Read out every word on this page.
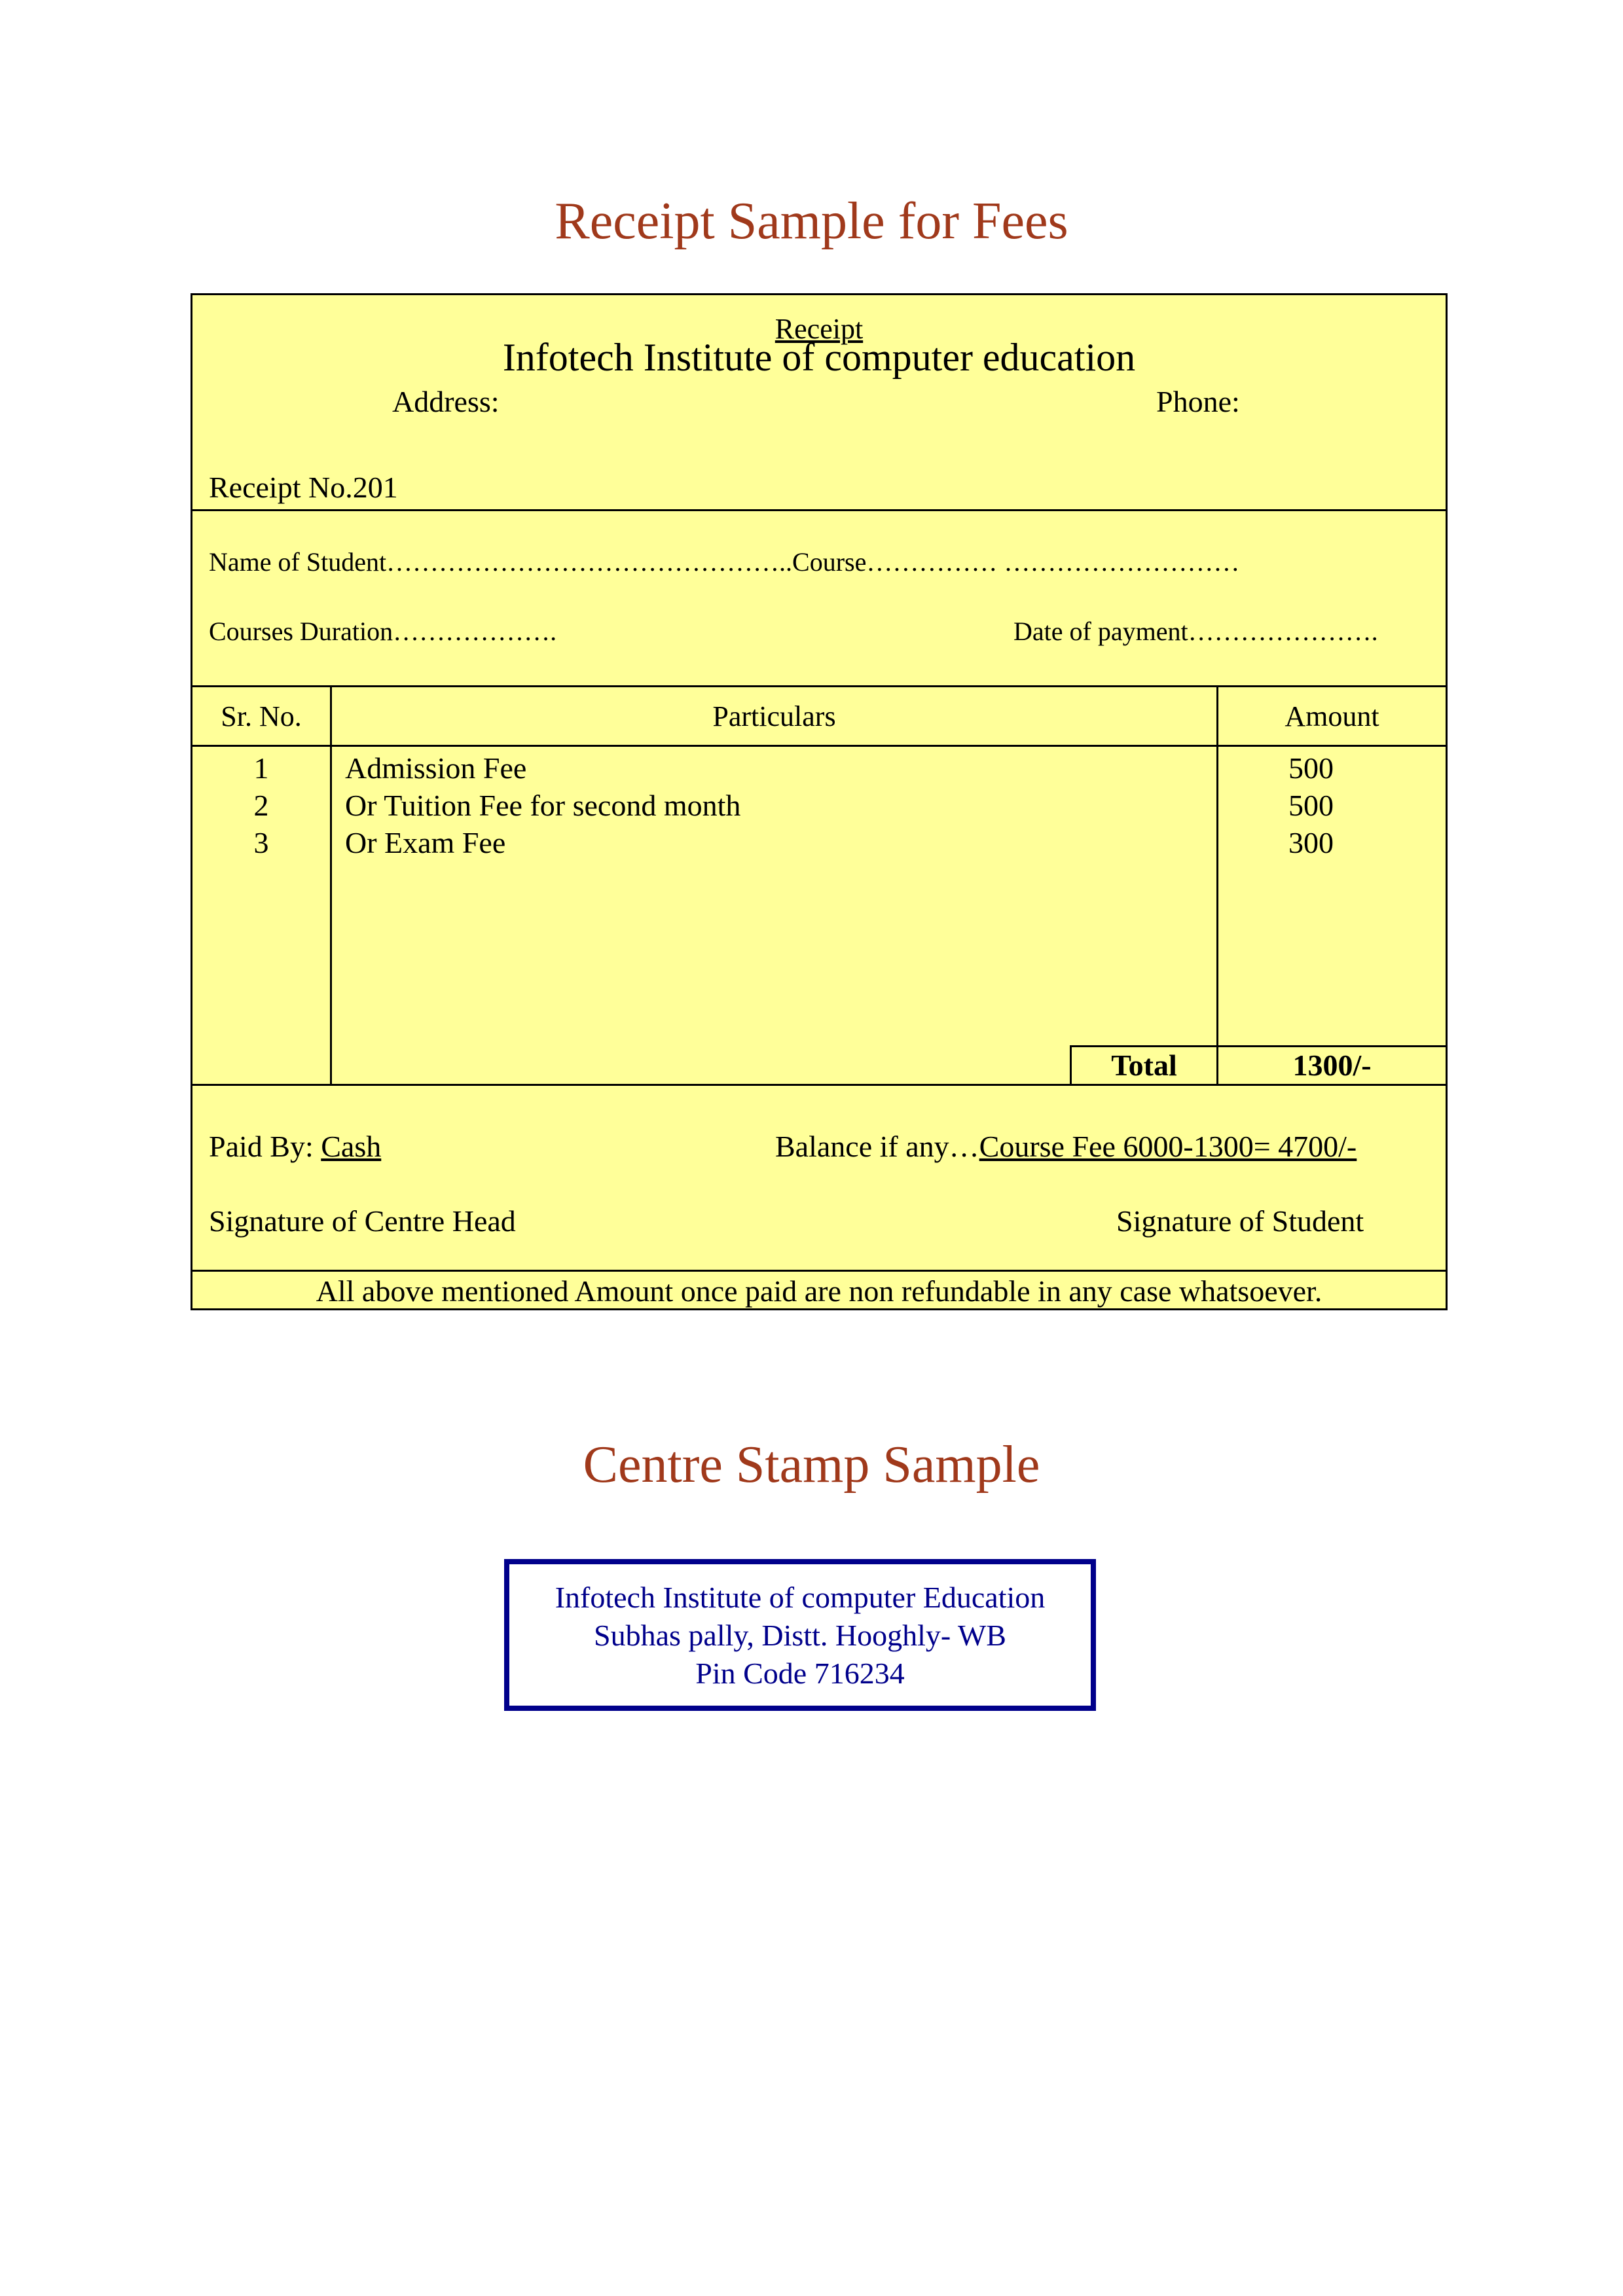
Receipt Sample for Fees
Receipt
Infotech Institute of computer education
Address:	Phone:
Receipt No.201
Name of Student………………………………………..Course…………… ………………………
Courses Duration……………….	Date of payment………………….
Sr. No.	Particulars	Amount
1	Admission Fee	500
2	Or Tuition Fee for second month	500
3	Or Exam Fee	300
Total	1300/-
Paid By: Cash	Balance if any…Course Fee 6000-1300= 4700/-
Signature of Centre Head	Signature of Student
All above mentioned Amount once paid are non refundable in any case whatsoever.
Centre Stamp Sample
Infotech Institute of computer Education
Subhas pally, Distt. Hooghly- WB
Pin Code 716234
